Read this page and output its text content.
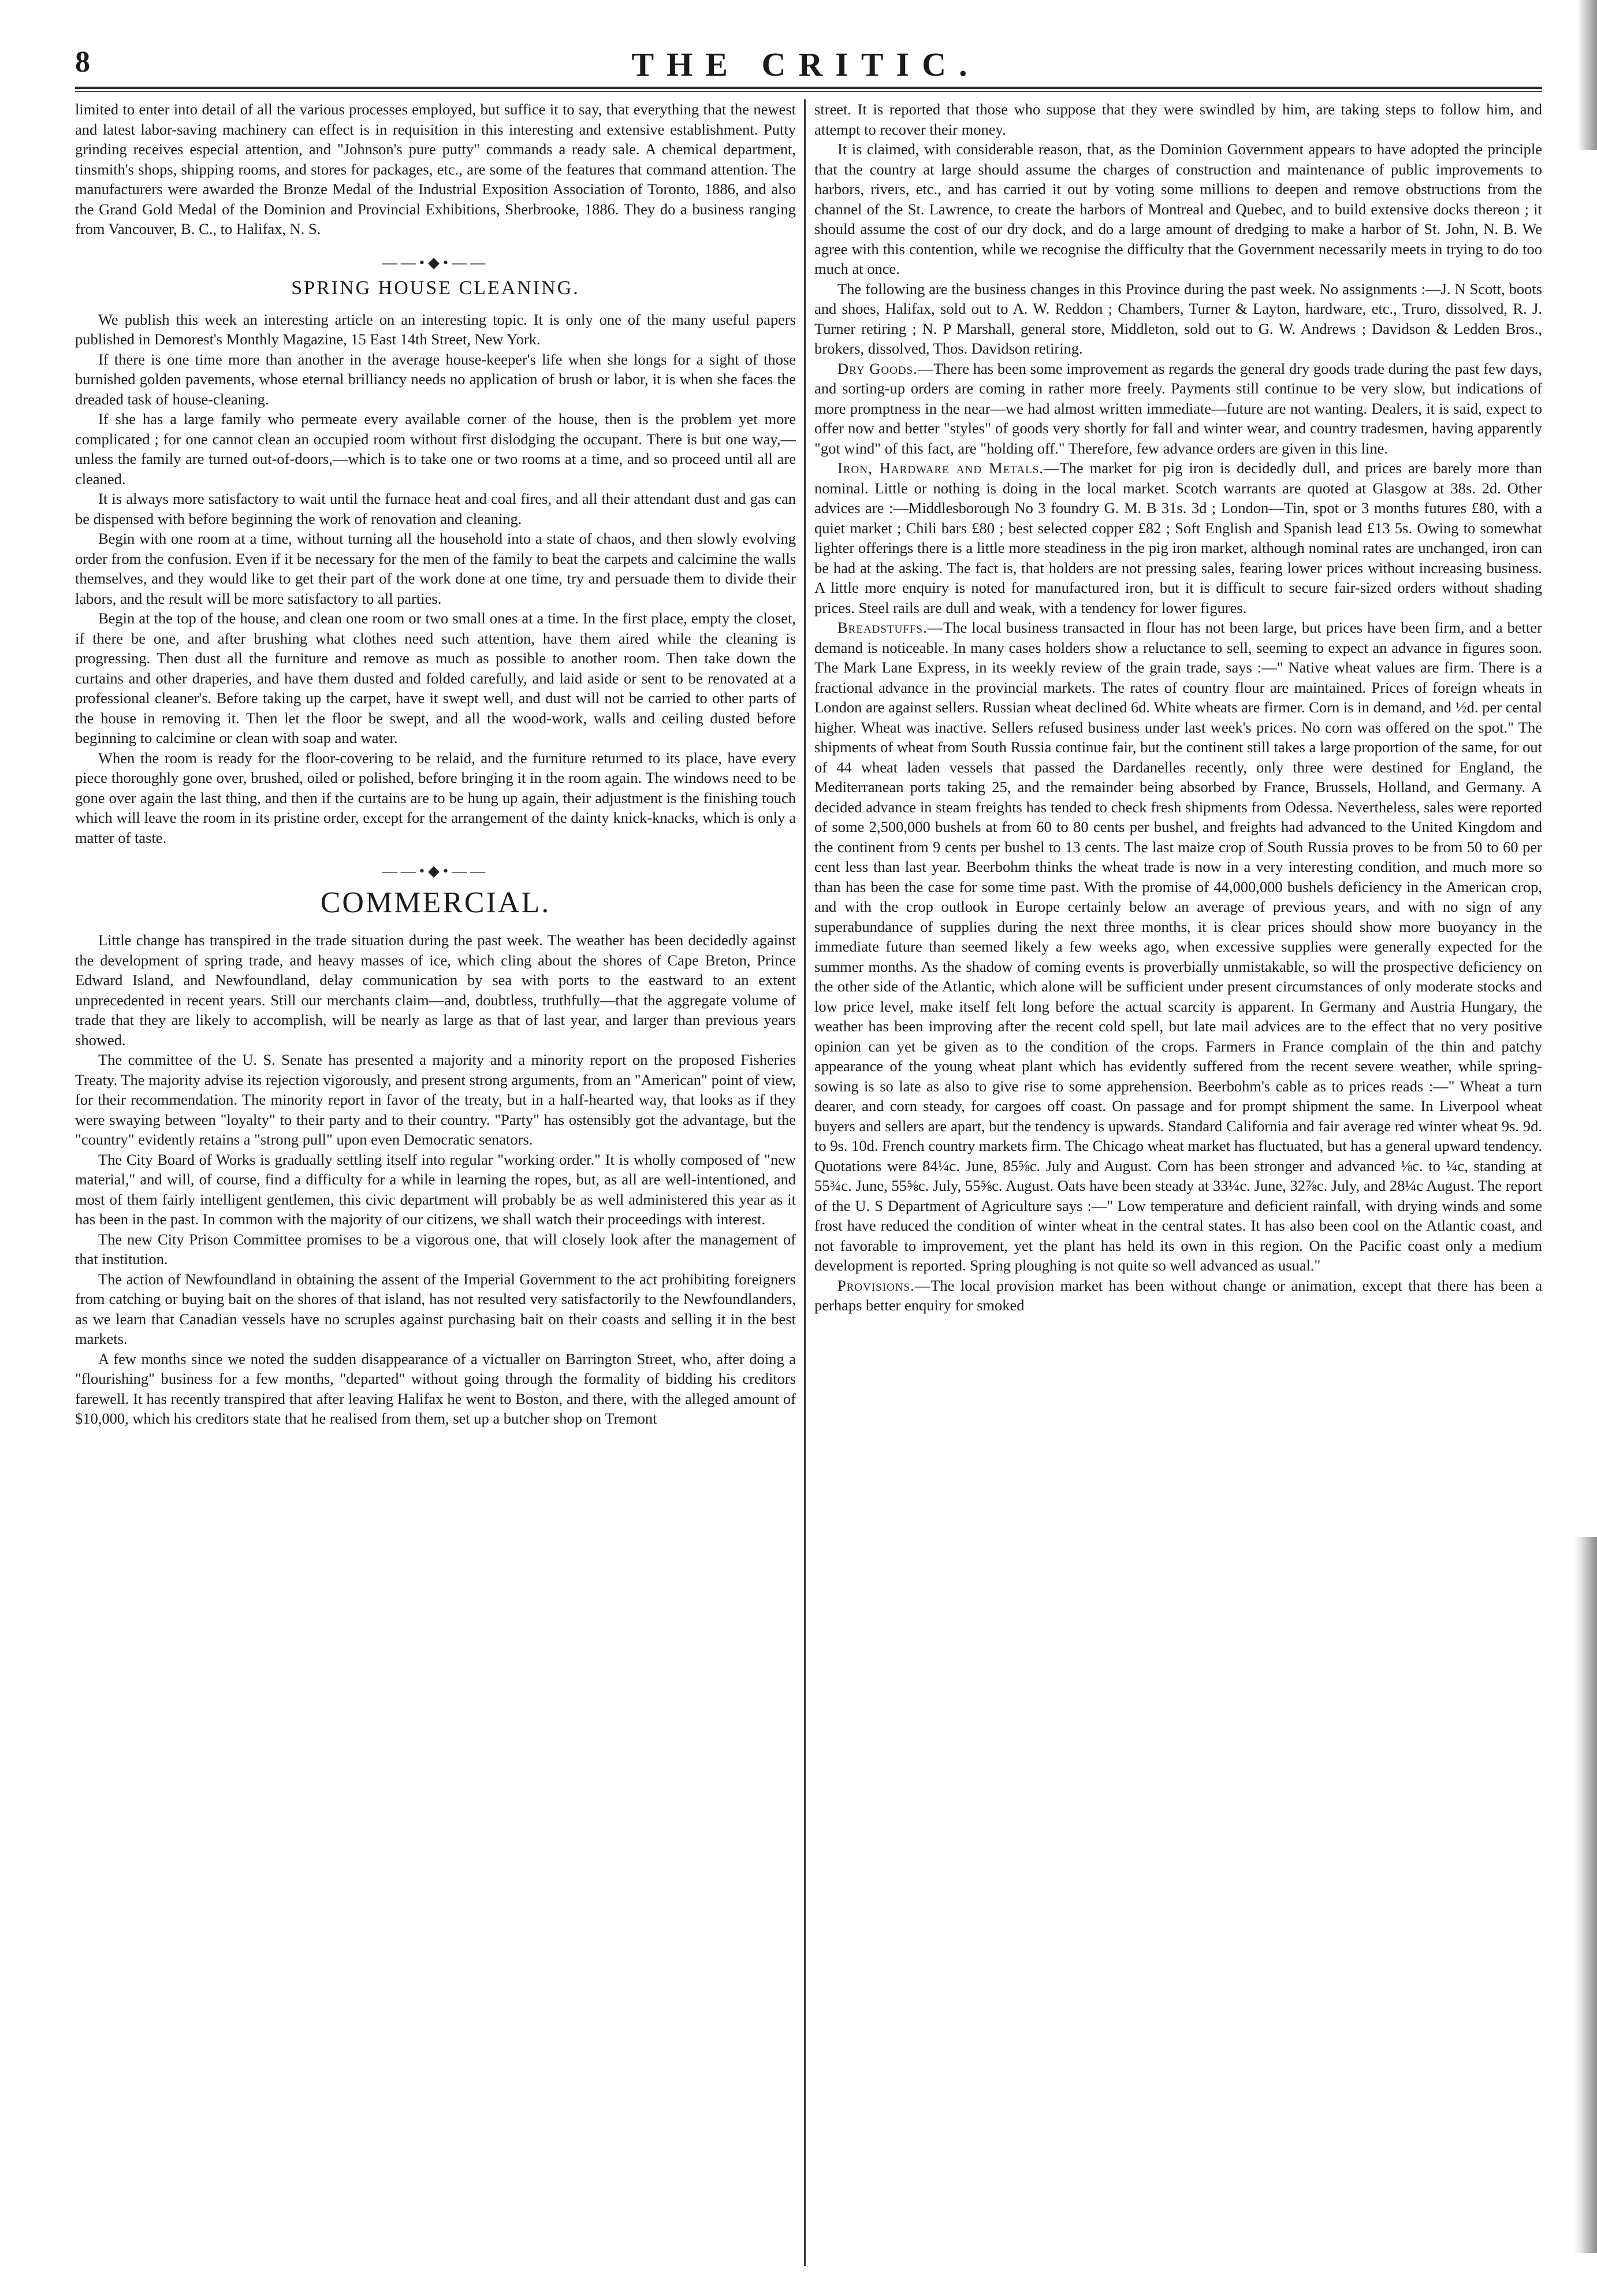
8	THE CRITIC.

limited to enter into detail of all the various processes employed, but suffice it to say, that everything that the newest and latest labor-saving machinery can effect is in requisition in this interesting and extensive establishment. Putty grinding receives especial attention, and "Johnson's pure putty" commands a ready sale. A chemical department, tinsmith's shops, shipping rooms, and stores for packages, etc., are some of the features that command attention. The manufacturers were awarded the Bronze Medal of the Industrial Exposition Association of Toronto, 1886, and also the Grand Gold Medal of the Dominion and Provincial Exhibitions, Sherbrooke, 1886. They do a business ranging from Vancouver, B. C., to Halifax, N. S.

——•◆•——
SPRING HOUSE CLEANING.

We publish this week an interesting article on an interesting topic. It is only one of the many useful papers published in Demorest's Monthly Magazine, 15 East 14th Street, New York.

If there is one time more than another in the average house-keeper's life when she longs for a sight of those burnished golden pavements, whose eternal brilliancy needs no application of brush or labor, it is when she faces the dreaded task of house-cleaning.

If she has a large family who permeate every available corner of the house, then is the problem yet more complicated ; for one cannot clean an occupied room without first dislodging the occupant. There is but one way,—unless the family are turned out-of-doors,—which is to take one or two rooms at a time, and so proceed until all are cleaned.

It is always more satisfactory to wait until the furnace heat and coal fires, and all their attendant dust and gas can be dispensed with before beginning the work of renovation and cleaning.

Begin with one room at a time, without turning all the household into a state of chaos, and then slowly evolving order from the confusion. Even if it be necessary for the men of the family to beat the carpets and calcimine the walls themselves, and they would like to get their part of the work done at one time, try and persuade them to divide their labors, and the result will be more satisfactory to all parties.

Begin at the top of the house, and clean one room or two small ones at a time. In the first place, empty the closet, if there be one, and after brushing what clothes need such attention, have them aired while the cleaning is progressing. Then dust all the furniture and remove as much as possible to another room. Then take down the curtains and other draperies, and have them dusted and folded carefully, and laid aside or sent to be renovated at a professional cleaner's. Before taking up the carpet, have it swept well, and dust will not be carried to other parts of the house in removing it. Then let the floor be swept, and all the wood-work, walls and ceiling dusted before beginning to calcimine or clean with soap and water.

When the room is ready for the floor-covering to be relaid, and the furniture returned to its place, have every piece thoroughly gone over, brushed, oiled or polished, before bringing it in the room again. The windows need to be gone over again the last thing, and then if the curtains are to be hung up again, their adjustment is the finishing touch which will leave the room in its pristine order, except for the arrangement of the dainty knick-knacks, which is only a matter of taste.

——•◆•——
COMMERCIAL.

Little change has transpired in the trade situation during the past week. The weather has been decidedly against the development of spring trade, and heavy masses of ice, which cling about the shores of Cape Breton, Prince Edward Island, and Newfoundland, delay communication by sea with ports to the eastward to an extent unprecedented in recent years. Still our merchants claim—and, doubtless, truthfully—that the aggregate volume of trade that they are likely to accomplish, will be nearly as large as that of last year, and larger than previous years showed.

The committee of the U. S. Senate has presented a majority and a minority report on the proposed Fisheries Treaty. The majority advise its rejection vigorously, and present strong arguments, from an "American" point of view, for their recommendation. The minority report in favor of the treaty, but in a half-hearted way, that looks as if they were swaying between "loyalty" to their party and to their country. "Party" has ostensibly got the advantage, but the "country" evidently retains a "strong pull" upon even Democratic senators.

The City Board of Works is gradually settling itself into regular "working order." It is wholly composed of "new material," and will, of course, find a difficulty for a while in learning the ropes, but, as all are well-intentioned, and most of them fairly intelligent gentlemen, this civic department will probably be as well administered this year as it has been in the past. In common with the majority of our citizens, we shall watch their proceedings with interest.

The new City Prison Committee promises to be a vigorous one, that will closely look after the management of that institution.

The action of Newfoundland in obtaining the assent of the Imperial Government to the act prohibiting foreigners from catching or buying bait on the shores of that island, has not resulted very satisfactorily to the Newfoundlanders, as we learn that Canadian vessels have no scruples against purchasing bait on their coasts and selling it in the best markets.

A few months since we noted the sudden disappearance of a victualler on Barrington Street, who, after doing a "flourishing" business for a few months, "departed" without going through the formality of bidding his creditors farewell. It has recently transpired that after leaving Halifax he went to Boston, and there, with the alleged amount of $10,000, which his creditors state that he realised from them, set up a butcher shop on Tremont

street. It is reported that those who suppose that they were swindled by him, are taking steps to follow him, and attempt to recover their money.

It is claimed, with considerable reason, that, as the Dominion Government appears to have adopted the principle that the country at large should assume the charges of construction and maintenance of public improvements to harbors, rivers, etc., and has carried it out by voting some millions to deepen and remove obstructions from the channel of the St. Lawrence, to create the harbors of Montreal and Quebec, and to build extensive docks thereon ; it should assume the cost of our dry dock, and do a large amount of dredging to make a harbor of St. John, N. B. We agree with this contention, while we recognise the difficulty that the Government necessarily meets in trying to do too much at once.

The following are the business changes in this Province during the past week. No assignments :—J. N Scott, boots and shoes, Halifax, sold out to A. W. Reddon ; Chambers, Turner & Layton, hardware, etc., Truro, dissolved, R. J. Turner retiring ; N. P Marshall, general store, Middleton, sold out to G. W. Andrews ; Davidson & Ledden Bros., brokers, dissolved, Thos. Davidson retiring.

Dry Goods.—There has been some improvement as regards the general dry goods trade during the past few days, and sorting-up orders are coming in rather more freely. Payments still continue to be very slow, but indications of more promptness in the near—we had almost written immediate—future are not wanting. Dealers, it is said, expect to offer now and better "styles" of goods very shortly for fall and winter wear, and country tradesmen, having apparently "got wind" of this fact, are "holding off." Therefore, few advance orders are given in this line.

Iron, Hardware and Metals.—The market for pig iron is decidedly dull, and prices are barely more than nominal. Little or nothing is doing in the local market. Scotch warrants are quoted at Glasgow at 38s. 2d. Other advices are :—Middlesborough No 3 foundry G. M. B 31s. 3d ; London—Tin, spot or 3 months futures £80, with a quiet market ; Chili bars £80 ; best selected copper £82 ; Soft English and Spanish lead £13 5s. Owing to somewhat lighter offerings there is a little more steadiness in the pig iron market, although nominal rates are unchanged, iron can be had at the asking. The fact is, that holders are not pressing sales, fearing lower prices without increasing business. A little more enquiry is noted for manufactured iron, but it is difficult to secure fair-sized orders without shading prices. Steel rails are dull and weak, with a tendency for lower figures.

Breadstuffs.—The local business transacted in flour has not been large, but prices have been firm, and a better demand is noticeable. In many cases holders show a reluctance to sell, seeming to expect an advance in figures soon. The Mark Lane Express, in its weekly review of the grain trade, says :—" Native wheat values are firm. There is a fractional advance in the provincial markets. The rates of country flour are maintained. Prices of foreign wheats in London are against sellers. Russian wheat declined 6d. White wheats are firmer. Corn is in demand, and ½d. per cental higher. Wheat was inactive. Sellers refused business under last week's prices. No corn was offered on the spot." The shipments of wheat from South Russia continue fair, but the continent still takes a large proportion of the same, for out of 44 wheat laden vessels that passed the Dardanelles recently, only three were destined for England, the Mediterranean ports taking 25, and the remainder being absorbed by France, Brussels, Holland, and Germany. A decided advance in steam freights has tended to check fresh shipments from Odessa. Nevertheless, sales were reported of some 2,500,000 bushels at from 60 to 80 cents per bushel, and freights had advanced to the United Kingdom and the continent from 9 cents per bushel to 13 cents. The last maize crop of South Russia proves to be from 50 to 60 per cent less than last year. Beerbohm thinks the wheat trade is now in a very interesting condition, and much more so than has been the case for some time past. With the promise of 44,000,000 bushels deficiency in the American crop, and with the crop outlook in Europe certainly below an average of previous years, and with no sign of any superabundance of supplies during the next three months, it is clear prices should show more buoyancy in the immediate future than seemed likely a few weeks ago, when excessive supplies were generally expected for the summer months. As the shadow of coming events is proverbially unmistakable, so will the prospective deficiency on the other side of the Atlantic, which alone will be sufficient under present circumstances of only moderate stocks and low price level, make itself felt long before the actual scarcity is apparent. In Germany and Austria Hungary, the weather has been improving after the recent cold spell, but late mail advices are to the effect that no very positive opinion can yet be given as to the condition of the crops. Farmers in France complain of the thin and patchy appearance of the young wheat plant which has evidently suffered from the recent severe weather, while spring-sowing is so late as also to give rise to some apprehension. Beerbohm's cable as to prices reads :—" Wheat a turn dearer, and corn steady, for cargoes off coast. On passage and for prompt shipment the same. In Liverpool wheat buyers and sellers are apart, but the tendency is upwards. Standard California and fair average red winter wheat 9s. 9d. to 9s. 10d. French country markets firm. The Chicago wheat market has fluctuated, but has a general upward tendency. Quotations were 84¼c. June, 85⅝c. July and August. Corn has been stronger and advanced ⅛c. to ¼c, standing at 55¾c. June, 55⅝c. July, 55⅝c. August. Oats have been steady at 33¼c. June, 32⅞c. July, and 28¼c August. The report of the U. S Department of Agriculture says :—" Low temperature and deficient rainfall, with drying winds and some frost have reduced the condition of winter wheat in the central states. It has also been cool on the Atlantic coast, and not favorable to improvement, yet the plant has held its own in this region. On the Pacific coast only a medium development is reported. Spring ploughing is not quite so well advanced as usual."

Provisions.—The local provision market has been without change or animation, except that there has been a perhaps better enquiry for smoked
